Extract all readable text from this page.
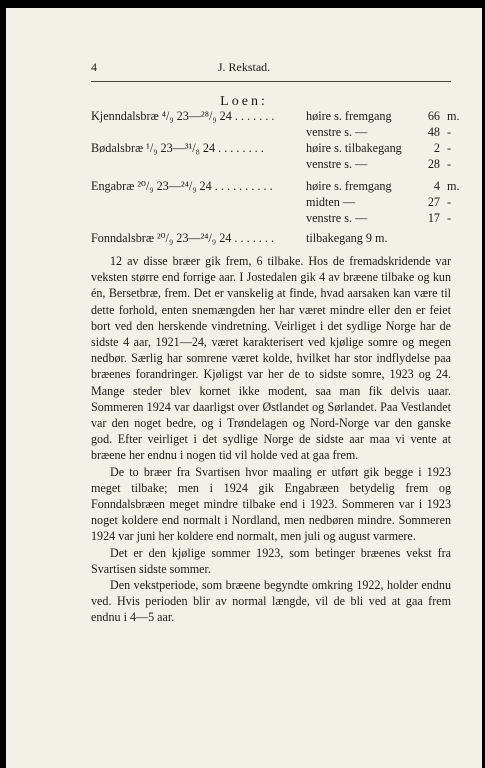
4	J. Rekstad.
Loen:
Kjenndalsbræ ⁴/₉ 23—²⁸/₉ 24 . . . . . . .	høire s. fremgang	66 m.
venstre s. —	48 -
Bødalsbræ ¹/₉ 23—³¹/₈ 24 . . . . . . . .	høire s. tilbakegang	2 -
venstre s. —	28 -
Engabræ ²⁰/₉ 23—²⁴/₉ 24 . . . . . . . . . .	høire s. fremgang	4 m.
midten —	27 -
venstre s. —	17 -
Fonndalsbræ ²⁰/₉ 23—²⁴/₉ 24 . . . . . . .	tilbakegang 9 m.

12 av disse bræer gik frem, 6 tilbake. Hos de fremadskridende var veksten større end forrige aar. I Jostedalen gik 4 av bræene tilbake og kun én, Bersetbræ, frem. Det er vanskelig at finde, hvad aarsaken kan være til dette forhold, enten snemængden her har været mindre eller den er feiet bort ved den herskende vindretning. Veirliget i det sydlige Norge har de sidste 4 aar, 1921—24, været karakterisert ved kjølige somre og megen nedbør. Særlig har somrene været kolde, hvilket har stor indflydelse paa bræenes forandringer. Kjøligst var her de to sidste somre, 1923 og 24. Mange steder blev kornet ikke modent, saa man fik delvis uaar. Sommeren 1924 var daarligst over Østlandet og Sørlandet. Paa Vestlandet var den noget bedre, og i Trøndelagen og Nord-Norge var den ganske god. Efter veirliget i det sydlige Norge de sidste aar maa vi vente at bræene her endnu i nogen tid vil holde ved at gaa frem.

De to bræer fra Svartisen hvor maaling er utført gik begge i 1923 meget tilbake; men i 1924 gik Engabræen betydelig frem og Fonndalsbræen meget mindre tilbake end i 1923. Sommeren var i 1923 noget koldere end normalt i Nordland, men nedbøren mindre. Sommeren 1924 var juni her koldere end normalt, men juli og august varmere.

Det er den kjølige sommer 1923, som betinger bræenes vekst fra Svartisen sidste sommer.

Den vekstperiode, som bræene begyndte omkring 1922, holder endnu ved. Hvis perioden blir av normal længde, vil de bli ved at gaa frem endnu i 4—5 aar.
